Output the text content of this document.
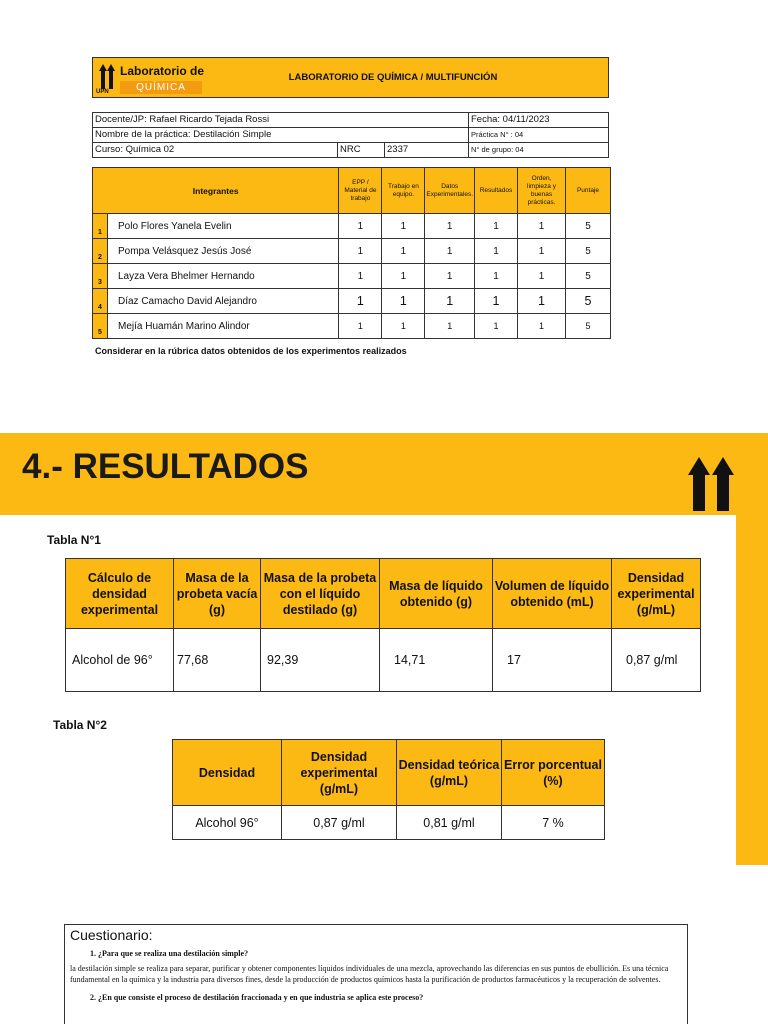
UPN
Laboratorio de
QUÍMICA
LABORATORIO DE QUÍMICA / MULTIFUNCIÓN
Docente/JP: Rafael Ricardo Tejada Rossi			Fecha: 04/11/2023
Nombre de la práctica: Destilación Simple			Práctica N° : 04
Curso: Química 02	NRC	2337	N° de grupo: 04
Integrantes		EPP / Material de trabajo	Trabajo en equipo.	Datos Experimentales.	Resultados	Orden, limpieza y buenas prácticas.	Puntaje
1	Polo Flores Yanela Evelin	1	1	1	1	1	5
2	Pompa Velásquez Jesús José	1	1	1	1	1	5
3	Layza Vera Bhelmer Hernando	1	1	1	1	1	5
4	Díaz Camacho David Alejandro	1	1	1	1	1	5
5	Mejía Huamán Marino Alindor	1	1	1	1	1	5
Considerar en la rúbrica datos obtenidos de los experimentos realizados
4.- RESULTADOS
Tabla N°1
Cálculo de densidad experimental	Masa de la probeta vacía (g)	Masa de la probeta con el líquido destilado (g)	Masa de líquido obtenido (g)	Volumen de líquido obtenido (mL)	Densidad experimental (g/mL)
Alcohol de 96°	77,68	92,39	14,71	17	0,87 g/ml
Tabla N°2
Densidad	Densidad experimental (g/mL)	Densidad teórica (g/mL)	Error porcentual (%)
Alcohol 96°	0,87 g/ml	0,81 g/ml	7 %
Cuestionario:
1. ¿Para que se realiza una destilación simple?
la destilación simple se realiza para separar, purificar y obtener componentes líquidos individuales de una mezcla, aprovechando las diferencias en sus puntos de ebullición. Es una técnica fundamental en la química y la industria para diversos fines, desde la producción de productos químicos hasta la purificación de productos farmacéuticos y la recuperación de solventes.
2. ¿En que consiste el proceso de destilación fraccionada y en que industria se aplica este proceso?
